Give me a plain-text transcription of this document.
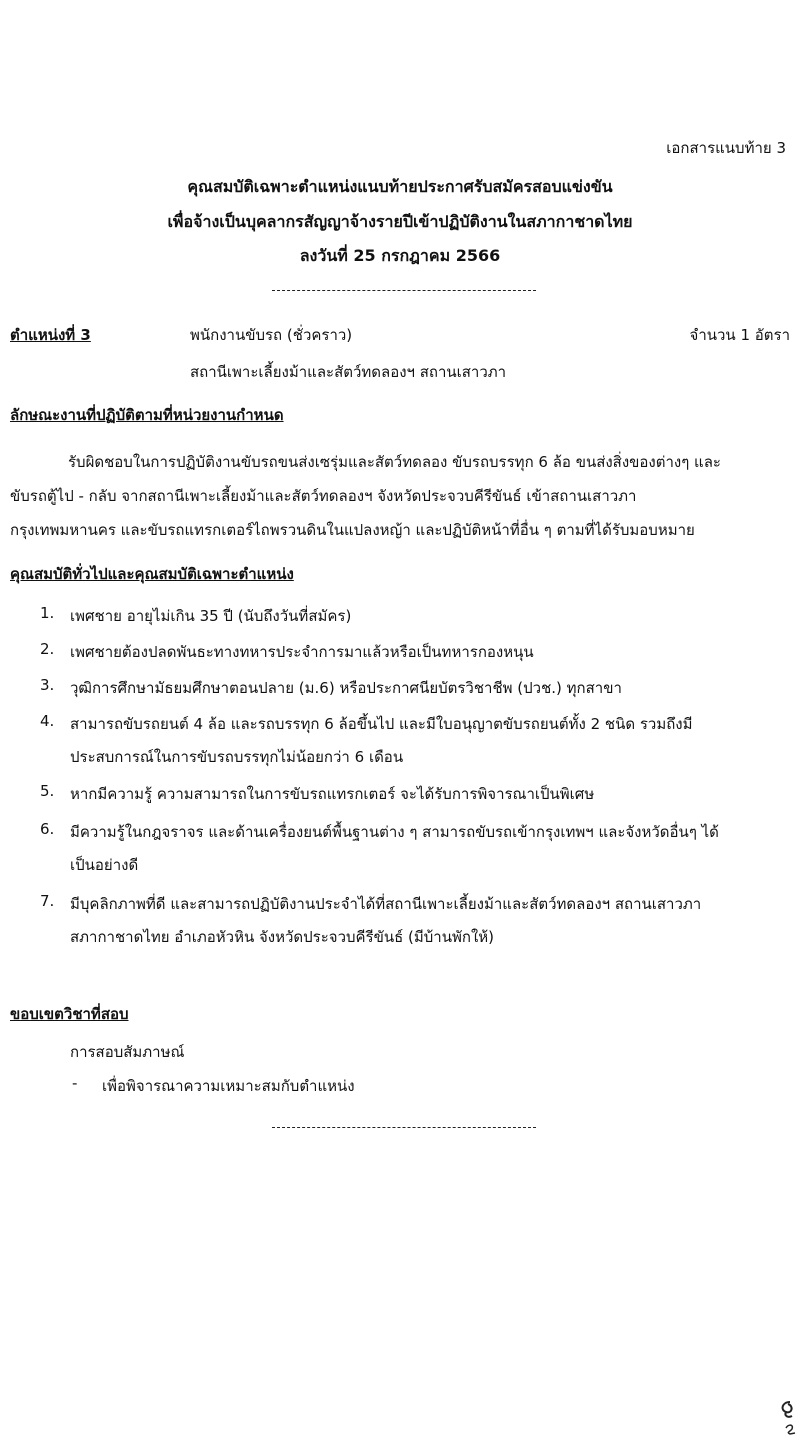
เอกสารแนบท้าย 3
คุณสมบัติเฉพาะตำแหน่งแนบท้ายประกาศรับสมัครสอบแข่งขัน
เพื่อจ้างเป็นบุคลากรสัญญาจ้างรายปีเข้าปฏิบัติงานในสภากาชาดไทย
ลงวันที่ 25 กรกฎาคม 2566
ตำแหน่งที่ 3	พนักงานขับรถ (ชั่วคราว)	จำนวน 1 อัตรา
สถานีเพาะเลี้ยงม้าและสัตว์ทดลองฯ สถานเสาวภา
ลักษณะงานที่ปฏิบัติตามที่หน่วยงานกำหนด
รับผิดชอบในการปฏิบัติงานขับรถขนส่งเซรุ่มและสัตว์ทดลอง ขับรถบรรทุก 6 ล้อ ขนส่งสิ่งของต่างๆ และ
ขับรถตู้ไป - กลับ จากสถานีเพาะเลี้ยงม้าและสัตว์ทดลองฯ จังหวัดประจวบคีรีขันธ์ เข้าสถานเสาวภา
กรุงเทพมหานคร และขับรถแทรกเตอร์ไถพรวนดินในแปลงหญ้า และปฏิบัติหน้าที่อื่น ๆ ตามที่ได้รับมอบหมาย
คุณสมบัติทั่วไปและคุณสมบัติเฉพาะตำแหน่ง
1. เพศชาย อายุไม่เกิน 35 ปี (นับถึงวันที่สมัคร)
2. เพศชายต้องปลดพันธะทางทหารประจำการมาแล้วหรือเป็นทหารกองหนุน
3. วุฒิการศึกษามัธยมศึกษาตอนปลาย (ม.6) หรือประกาศนียบัตรวิชาชีพ (ปวช.) ทุกสาขา
4. สามารถขับรถยนต์ 4 ล้อ และรถบรรทุก 6 ล้อขึ้นไป และมีใบอนุญาตขับรถยนต์ทั้ง 2 ชนิด รวมถึงมี
ประสบการณ์ในการขับรถบรรทุกไม่น้อยกว่า 6 เดือน
5. หากมีความรู้ ความสามารถในการขับรถแทรกเตอร์ จะได้รับการพิจารณาเป็นพิเศษ
6. มีความรู้ในกฎจราจร และด้านเครื่องยนต์พื้นฐานต่าง ๆ สามารถขับรถเข้ากรุงเทพฯ และจังหวัดอื่นๆ ได้
เป็นอย่างดี
7. มีบุคลิกภาพที่ดี และสามารถปฏิบัติงานประจำได้ที่สถานีเพาะเลี้ยงม้าและสัตว์ทดลองฯ สถานเสาวภา
สภากาชาดไทย อำเภอหัวหิน จังหวัดประจวบคีรีขันธ์ (มีบ้านพักให้)
ขอบเขตวิชาที่สอบ
การสอบสัมภาษณ์
- เพื่อพิจารณาความเหมาะสมกับตำแหน่ง
